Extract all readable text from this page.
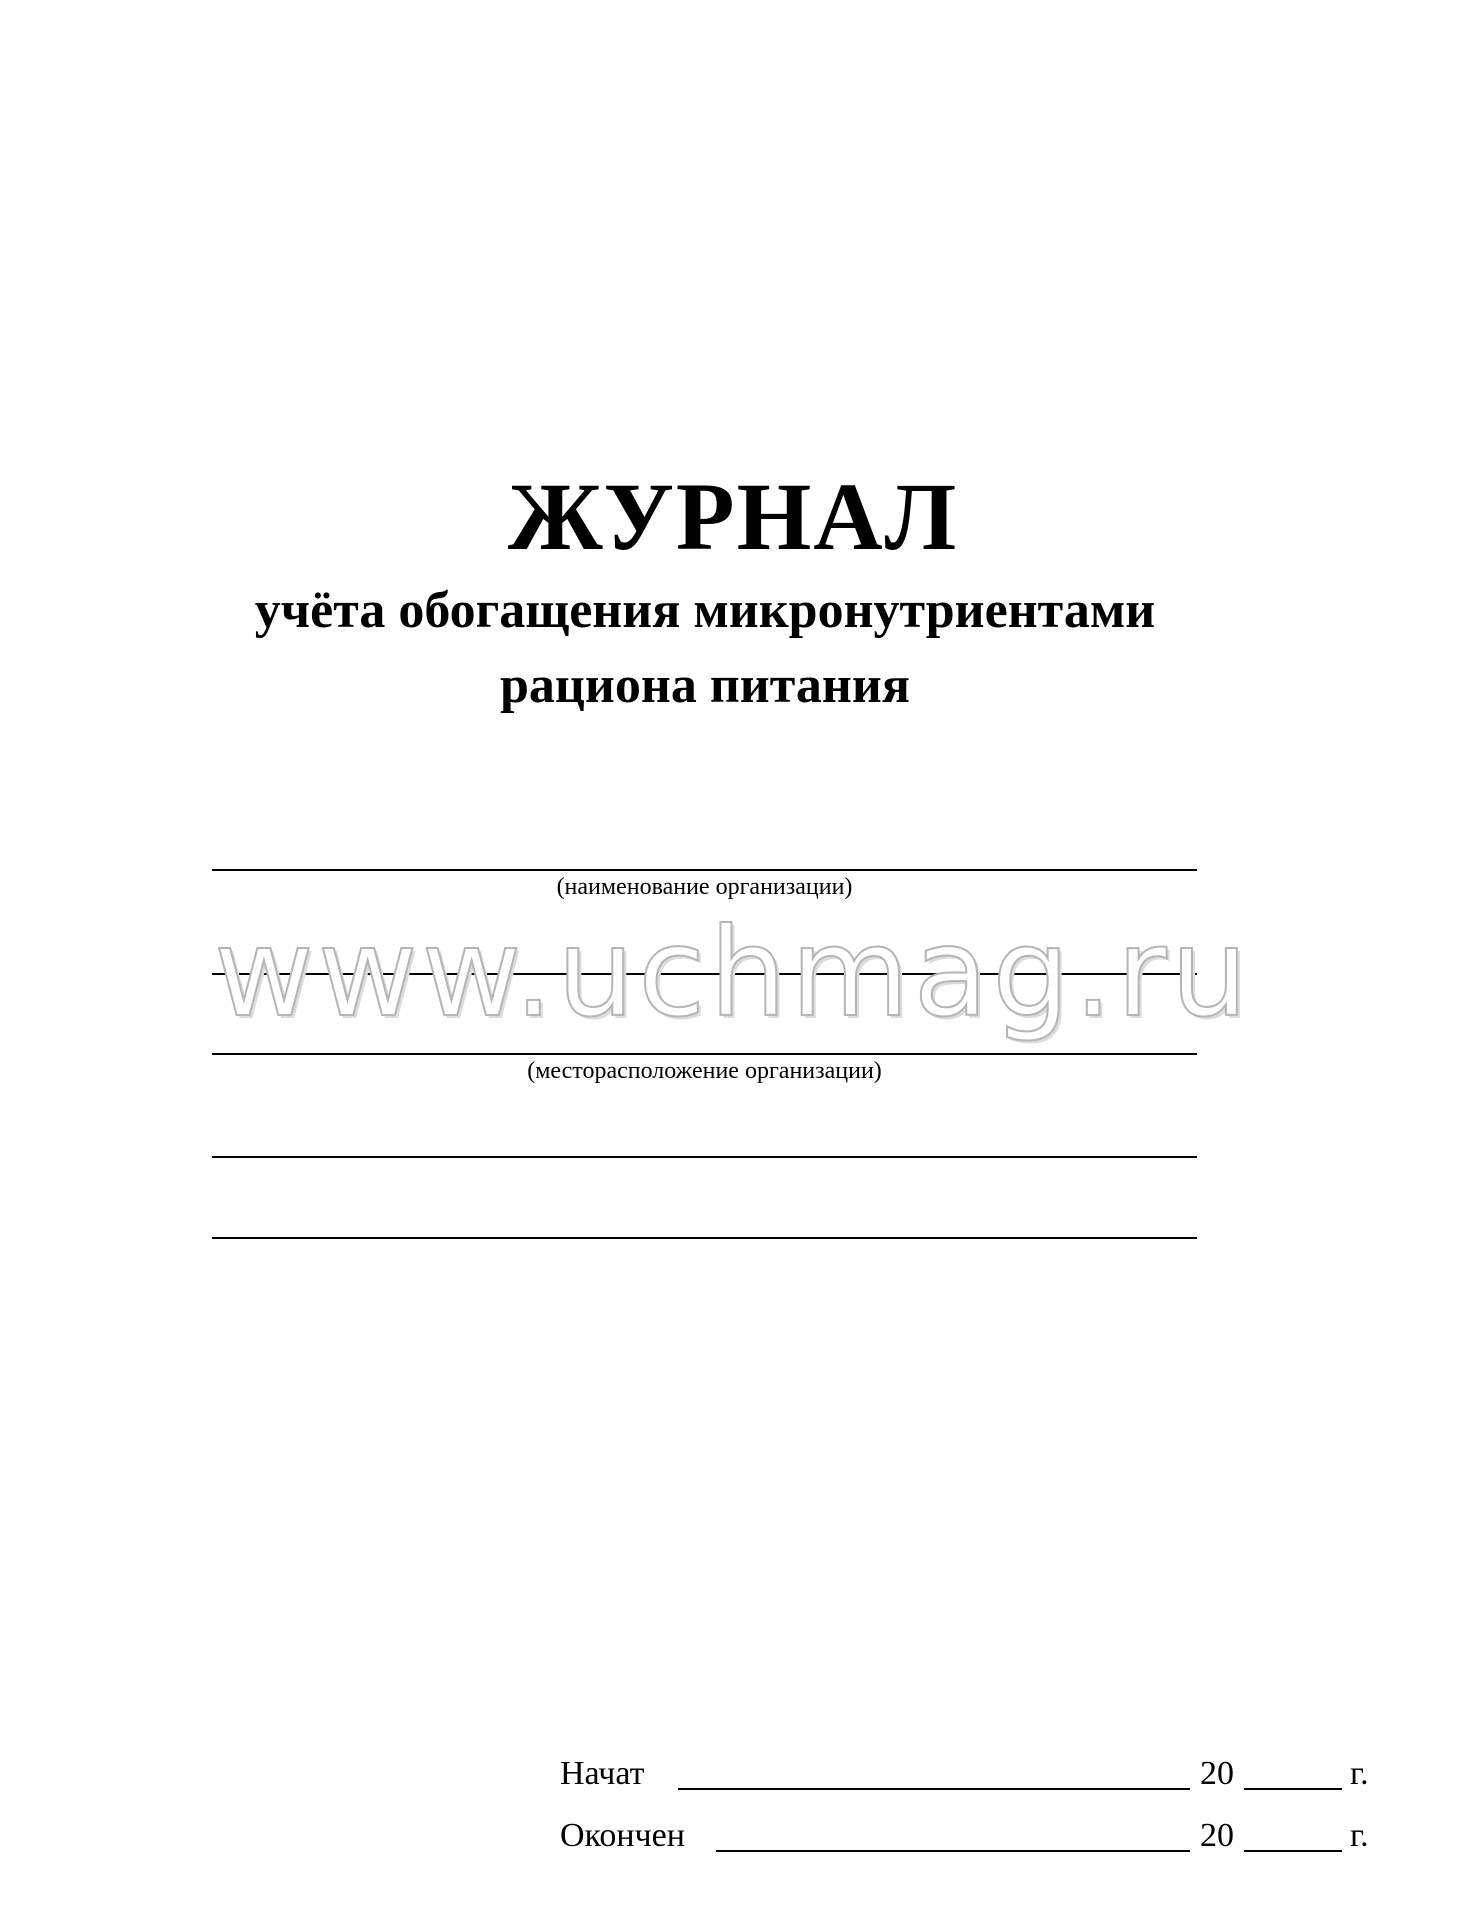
ЖУРНАЛ
учёта обогащения микронутриентами
рациона питания
(наименование организации)
(месторасположение организации)
www.uchmag.ru
Начат	20	г.
Окончен	20	г.
